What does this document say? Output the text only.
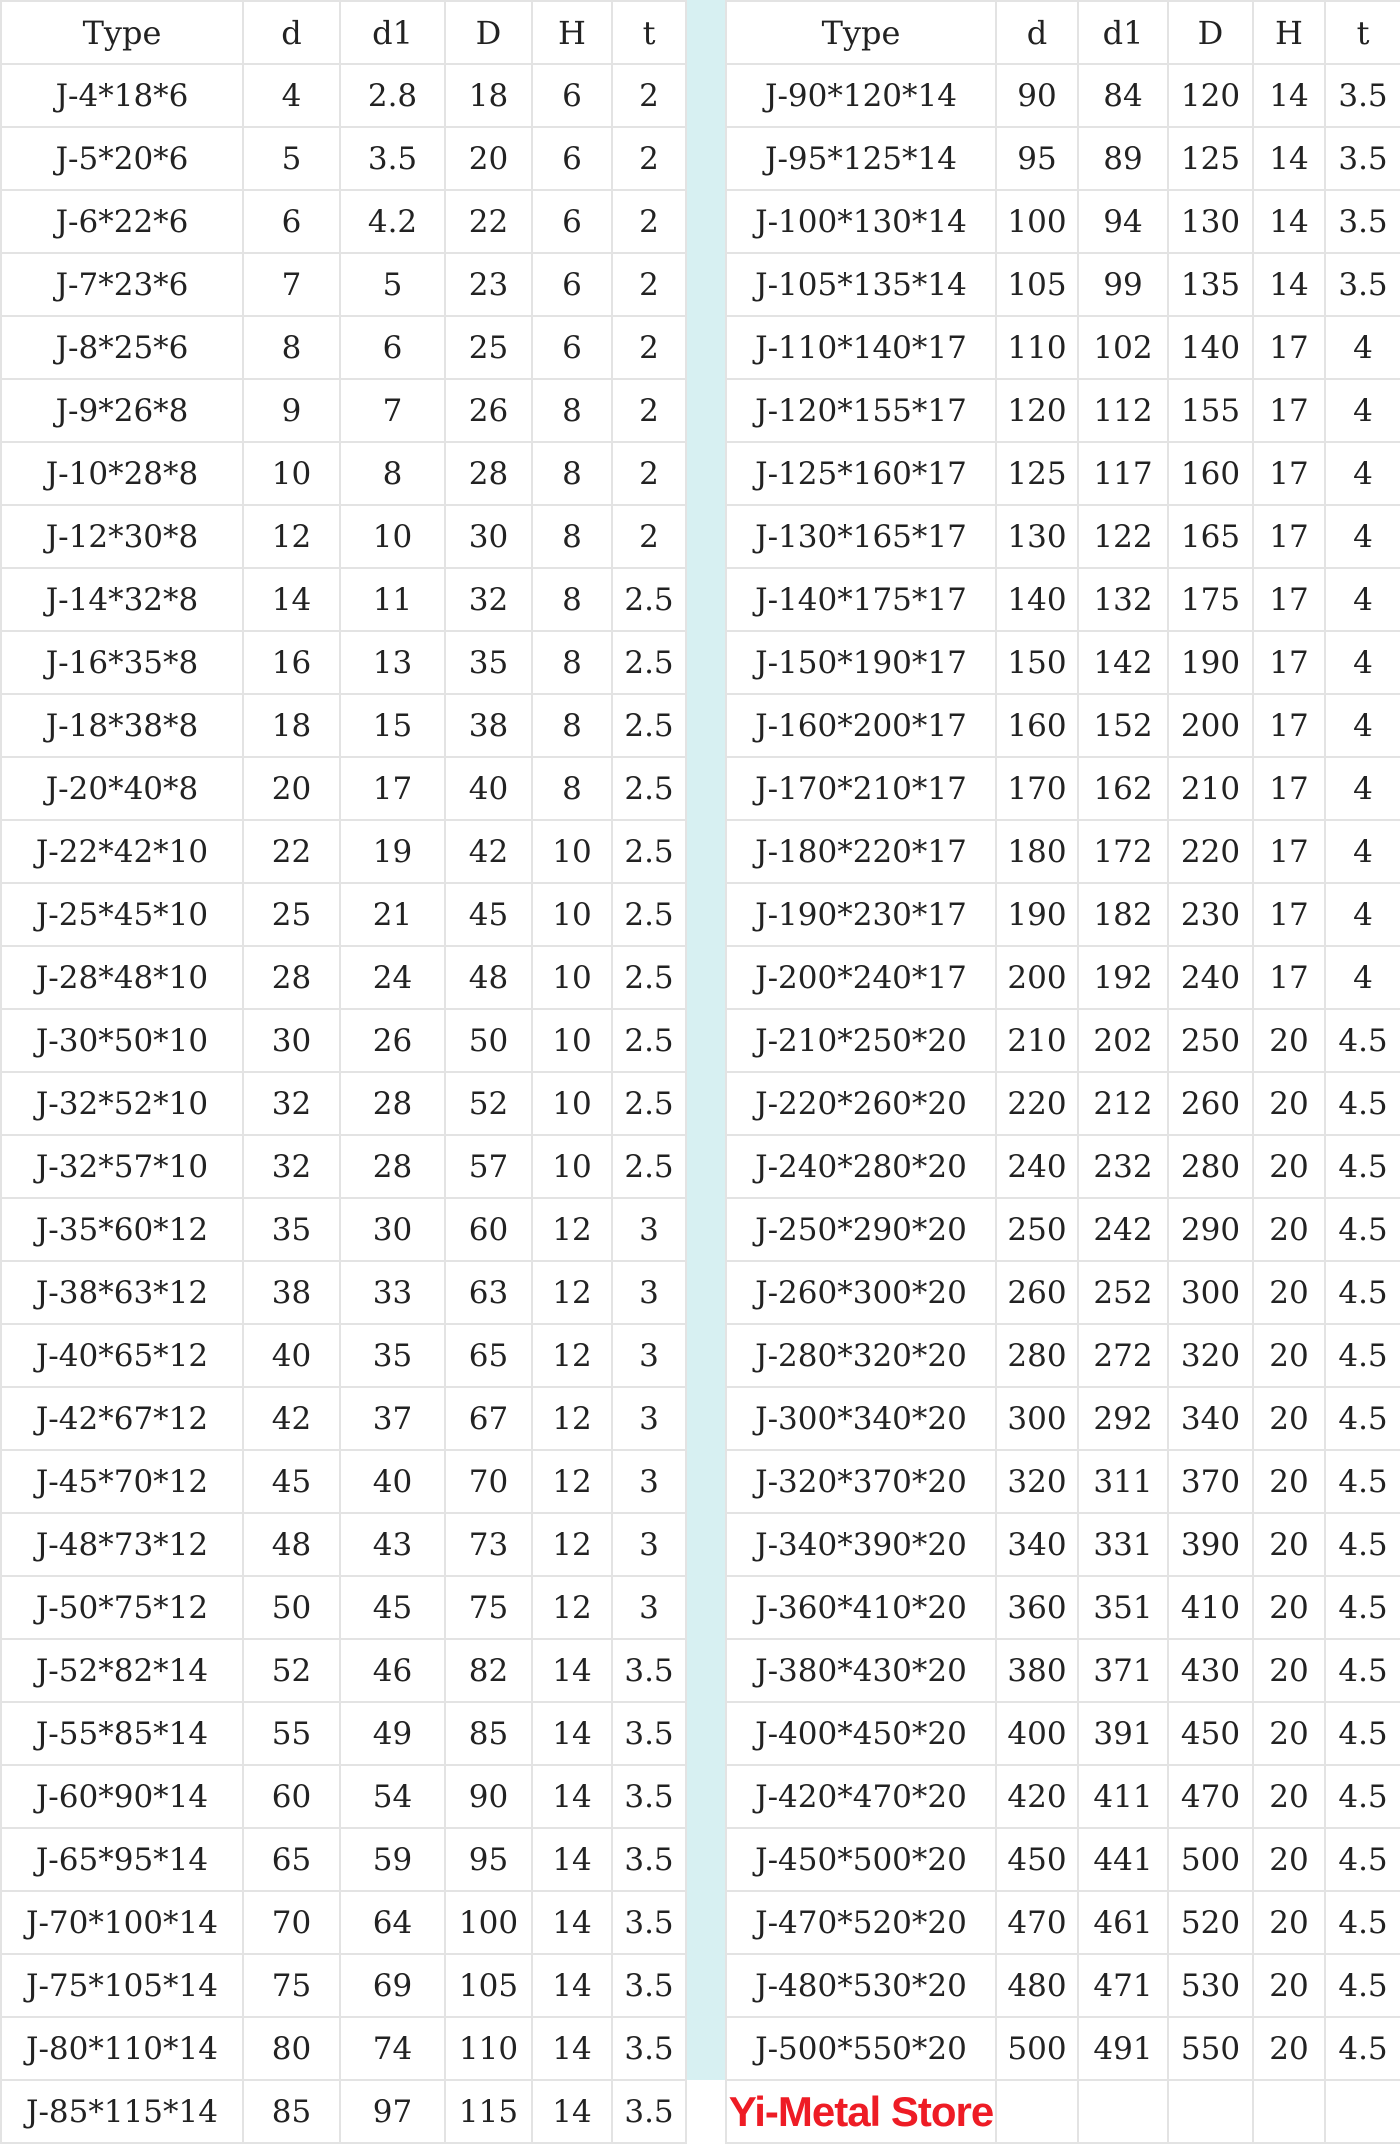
Type	d	d1	D	H	t
J-4*18*6	4	2.8	18	6	2
J-5*20*6	5	3.5	20	6	2
J-6*22*6	6	4.2	22	6	2
J-7*23*6	7	5	23	6	2
J-8*25*6	8	6	25	6	2
J-9*26*8	9	7	26	8	2
J-10*28*8	10	8	28	8	2
J-12*30*8	12	10	30	8	2
J-14*32*8	14	11	32	8	2.5
J-16*35*8	16	13	35	8	2.5
J-18*38*8	18	15	38	8	2.5
J-20*40*8	20	17	40	8	2.5
J-22*42*10	22	19	42	10	2.5
J-25*45*10	25	21	45	10	2.5
J-28*48*10	28	24	48	10	2.5
J-30*50*10	30	26	50	10	2.5
J-32*52*10	32	28	52	10	2.5
J-32*57*10	32	28	57	10	2.5
J-35*60*12	35	30	60	12	3
J-38*63*12	38	33	63	12	3
J-40*65*12	40	35	65	12	3
J-42*67*12	42	37	67	12	3
J-45*70*12	45	40	70	12	3
J-48*73*12	48	43	73	12	3
J-50*75*12	50	45	75	12	3
J-52*82*14	52	46	82	14	3.5
J-55*85*14	55	49	85	14	3.5
J-60*90*14	60	54	90	14	3.5
J-65*95*14	65	59	95	14	3.5
J-70*100*14	70	64	100	14	3.5
J-75*105*14	75	69	105	14	3.5
J-80*110*14	80	74	110	14	3.5
J-85*115*14	85	97	115	14	3.5
Type	d	d1	D	H	t
J-90*120*14	90	84	120	14	3.5
J-95*125*14	95	89	125	14	3.5
J-100*130*14	100	94	130	14	3.5
J-105*135*14	105	99	135	14	3.5
J-110*140*17	110	102	140	17	4
J-120*155*17	120	112	155	17	4
J-125*160*17	125	117	160	17	4
J-130*165*17	130	122	165	17	4
J-140*175*17	140	132	175	17	4
J-150*190*17	150	142	190	17	4
J-160*200*17	160	152	200	17	4
J-170*210*17	170	162	210	17	4
J-180*220*17	180	172	220	17	4
J-190*230*17	190	182	230	17	4
J-200*240*17	200	192	240	17	4
J-210*250*20	210	202	250	20	4.5
J-220*260*20	220	212	260	20	4.5
J-240*280*20	240	232	280	20	4.5
J-250*290*20	250	242	290	20	4.5
J-260*300*20	260	252	300	20	4.5
J-280*320*20	280	272	320	20	4.5
J-300*340*20	300	292	340	20	4.5
J-320*370*20	320	311	370	20	4.5
J-340*390*20	340	331	390	20	4.5
J-360*410*20	360	351	410	20	4.5
J-380*430*20	380	371	430	20	4.5
J-400*450*20	400	391	450	20	4.5
J-420*470*20	420	411	470	20	4.5
J-450*500*20	450	441	500	20	4.5
J-470*520*20	470	461	520	20	4.5
J-480*530*20	480	471	530	20	4.5
J-500*550*20	500	491	550	20	4.5
Yi-Metal Store					
